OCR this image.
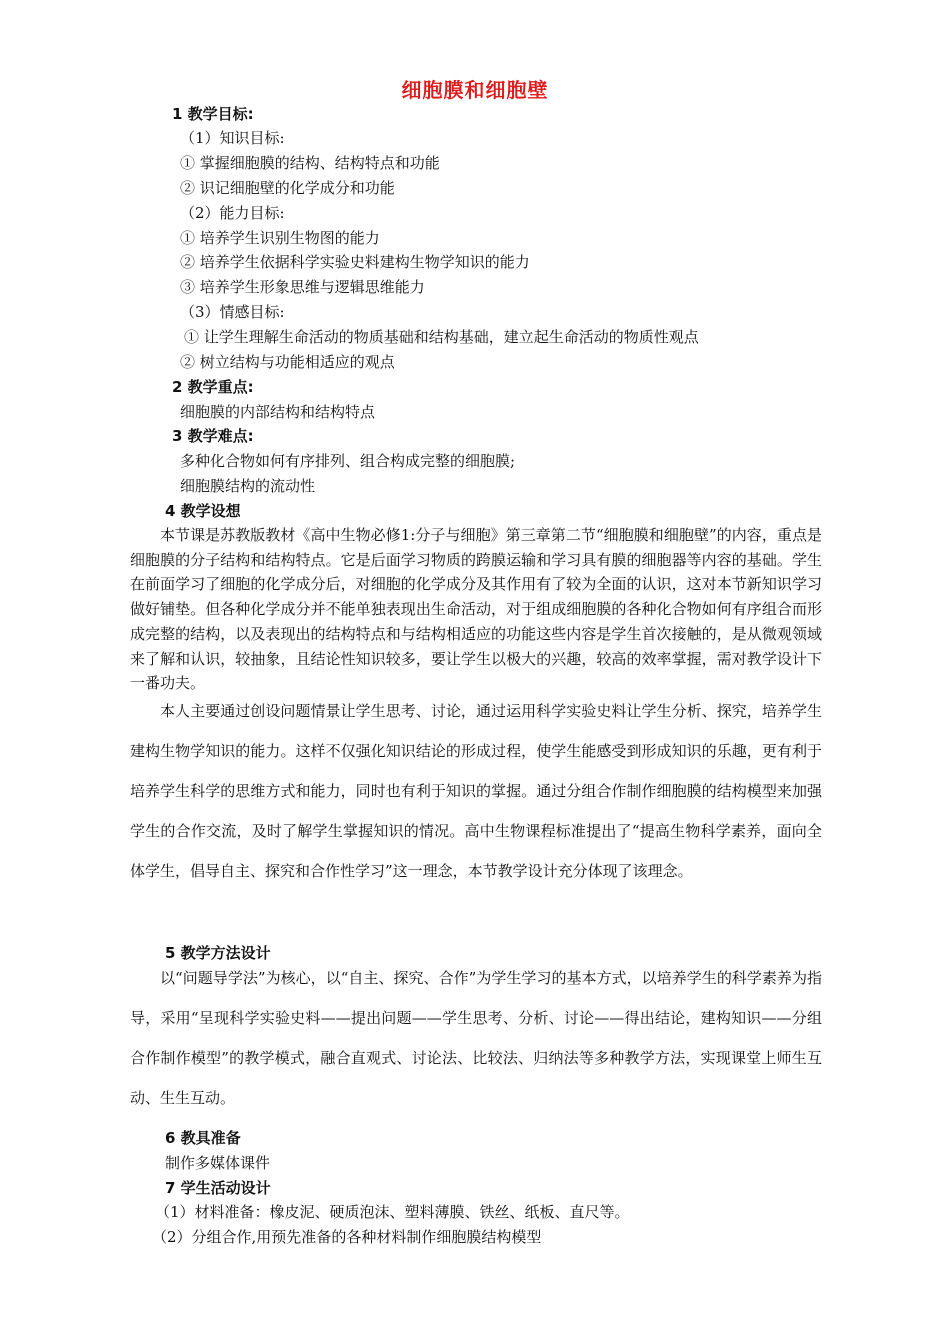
细胞膜和细胞壁
1 教学目标:
（1）知识目标:
① 掌握细胞膜的结构、结构特点和功能
② 识记细胞壁的化学成分和功能
（2）能力目标:
① 培养学生识别生物图的能力
② 培养学生依据科学实验史料建构生物学知识的能力
③ 培养学生形象思维与逻辑思维能力
（3）情感目标:
① 让学生理解生命活动的物质基础和结构基础，建立起生命活动的物质性观点
② 树立结构与功能相适应的观点
2 教学重点:
细胞膜的内部结构和结构特点
3 教学难点:
多种化合物如何有序排列、组合构成完整的细胞膜;
细胞膜结构的流动性
4 教学设想
本节课是苏教版教材《高中生物必修1:分子与细胞》第三章第二节“细胞膜和细胞壁”的内容，重点是细胞膜的分子结构和结构特点。它是后面学习物质的跨膜运输和学习具有膜的细胞器等内容的基础。学生在前面学习了细胞的化学成分后，对细胞的化学成分及其作用有了较为全面的认识，这对本节新知识学习做好铺垫。但各种化学成分并不能单独表现出生命活动，对于组成细胞膜的各种化合物如何有序组合而形成完整的结构，以及表现出的结构特点和与结构相适应的功能这些内容是学生首次接触的，是从微观领域来了解和认识，较抽象，且结论性知识较多，要让学生以极大的兴趣，较高的效率掌握，需对教学设计下一番功夫。
本人主要通过创设问题情景让学生思考、讨论，通过运用科学实验史料让学生分析、探究，培养学生建构生物学知识的能力。这样不仅强化知识结论的形成过程，使学生能感受到形成知识的乐趣，更有利于培养学生科学的思维方式和能力，同时也有利于知识的掌握。通过分组合作制作细胞膜的结构模型来加强学生的合作交流，及时了解学生掌握知识的情况。高中生物课程标准提出了“提高生物科学素养，面向全体学生，倡导自主、探究和合作性学习”这一理念，本节教学设计充分体现了该理念。
5 教学方法设计
以“问题导学法”为核心，以“自主、探究、合作”为学生学习的基本方式，以培养学生的科学素养为指导，采用“呈现科学实验史料——提出问题——学生思考、分析、讨论——得出结论，建构知识——分组合作制作模型”的教学模式，融合直观式、讨论法、比较法、归纳法等多种教学方法，实现课堂上师生互动、生生互动。
6 教具准备
制作多媒体课件
7 学生活动设计
（1）材料准备：橡皮泥、硬质泡沫、塑料薄膜、铁丝、纸板、直尺等。
（2）分组合作,用预先准备的各种材料制作细胞膜结构模型
